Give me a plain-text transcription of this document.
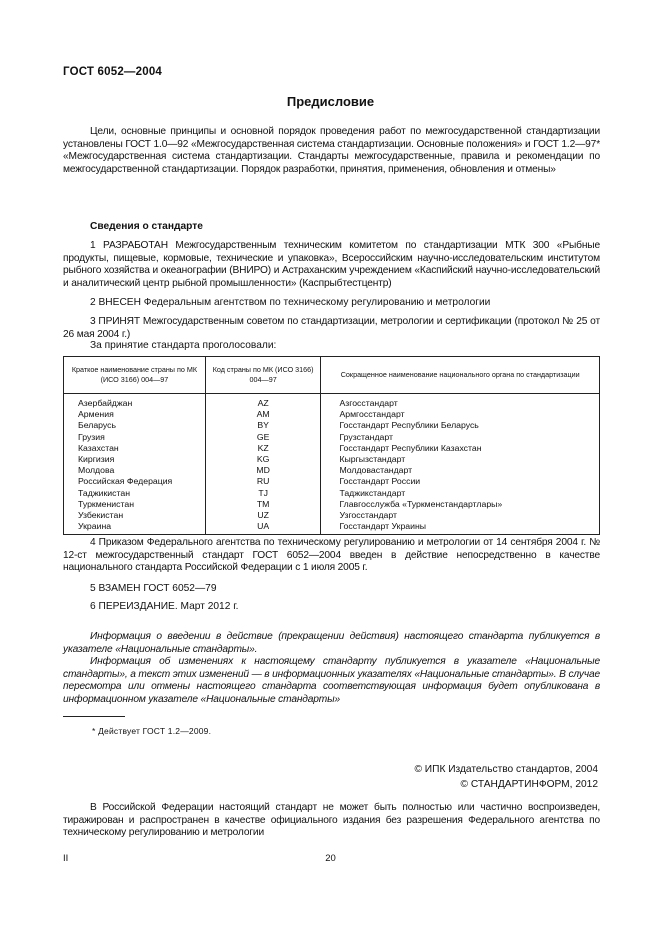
ГОСТ 6052—2004
Предисловие

Цели, основные принципы и основной порядок проведения работ по межгосударственной стандартизации установлены ГОСТ 1.0—92 «Межгосударственная система стандартизации. Основные положения» и ГОСТ 1.2—97* «Межгосударственная система стандартизации. Стандарты межгосударственные, правила и рекомендации по межгосударственной стандартизации. Порядок разработки, принятия, применения, обновления и отмены»

Сведения о стандарте

1 РАЗРАБОТАН Межгосударственным техническим комитетом по стандартизации МТК 300 «Рыбные продукты, пищевые, кормовые, технические и упаковка», Всероссийским научно-исследовательским институтом рыбного хозяйства и океанографии (ВНИРО) и Астраханским учреждением «Каспийский научно-исследовательский и аналитический центр рыбной промышленности» (Каспрыбтестцентр)

2 ВНЕСЕН Федеральным агентством по техническому регулированию и метрологии

3 ПРИНЯТ Межгосударственным советом по стандартизации, метрологии и сертификации (протокол № 25 от 26 мая 2004 г.)

За принятие стандарта проголосовали:
Краткое наименование страны по МК (ИСО 3166) 004—97	Код страны по МК (ИСО 3166) 004—97	Сокращенное наименование национального органа по стандартизации
Азербайджан	AZ	Азгосстандарт
Армения	AM	Армгосстандарт
Беларусь	BY	Госстандарт Республики Беларусь
Грузия	GE	Грузстандарт
Казахстан	KZ	Госстандарт Республики Казахстан
Киргизия	KG	Кыргызстандарт
Молдова	MD	Молдовастандарт
Российская Федерация	RU	Госстандарт России
Таджикистан	TJ	Таджикстандарт
Туркменистан	TM	Главгосслужба «Туркменстандартлары»
Узбекистан	UZ	Узгосстандарт
Украина	UA	Госстандарт Украины

4 Приказом Федерального агентства по техническому регулированию и метрологии от 14 сентября 2004 г. № 12-ст межгосударственный стандарт ГОСТ 6052—2004 введен в действие непосредственно в качестве национального стандарта Российской Федерации с 1 июля 2005 г.

5 ВЗАМЕН ГОСТ 6052—79
6 ПЕРЕИЗДАНИЕ. Март 2012 г.

Информация о введении в действие (прекращении действия) настоящего стандарта публикуется в указателе «Национальные стандарты».

Информация об изменениях к настоящему стандарту публикуется в указателе «Национальные стандарты», а текст этих изменений — в информационных указателях «Национальные стандарты». В случае пересмотра или отмены настоящего стандарта соответствующая информация будет опубликована в информационном указателе «Национальные стандарты»

* Действует ГОСТ 1.2—2009.
© ИПК Издательство стандартов, 2004
© СТАНДАРТИНФОРМ, 2012

В Российской Федерации настоящий стандарт не может быть полностью или частично воспроизведен, тиражирован и распространен в качестве официального издания без разрешения Федерального агентства по техническому регулированию и метрологии

II	20
